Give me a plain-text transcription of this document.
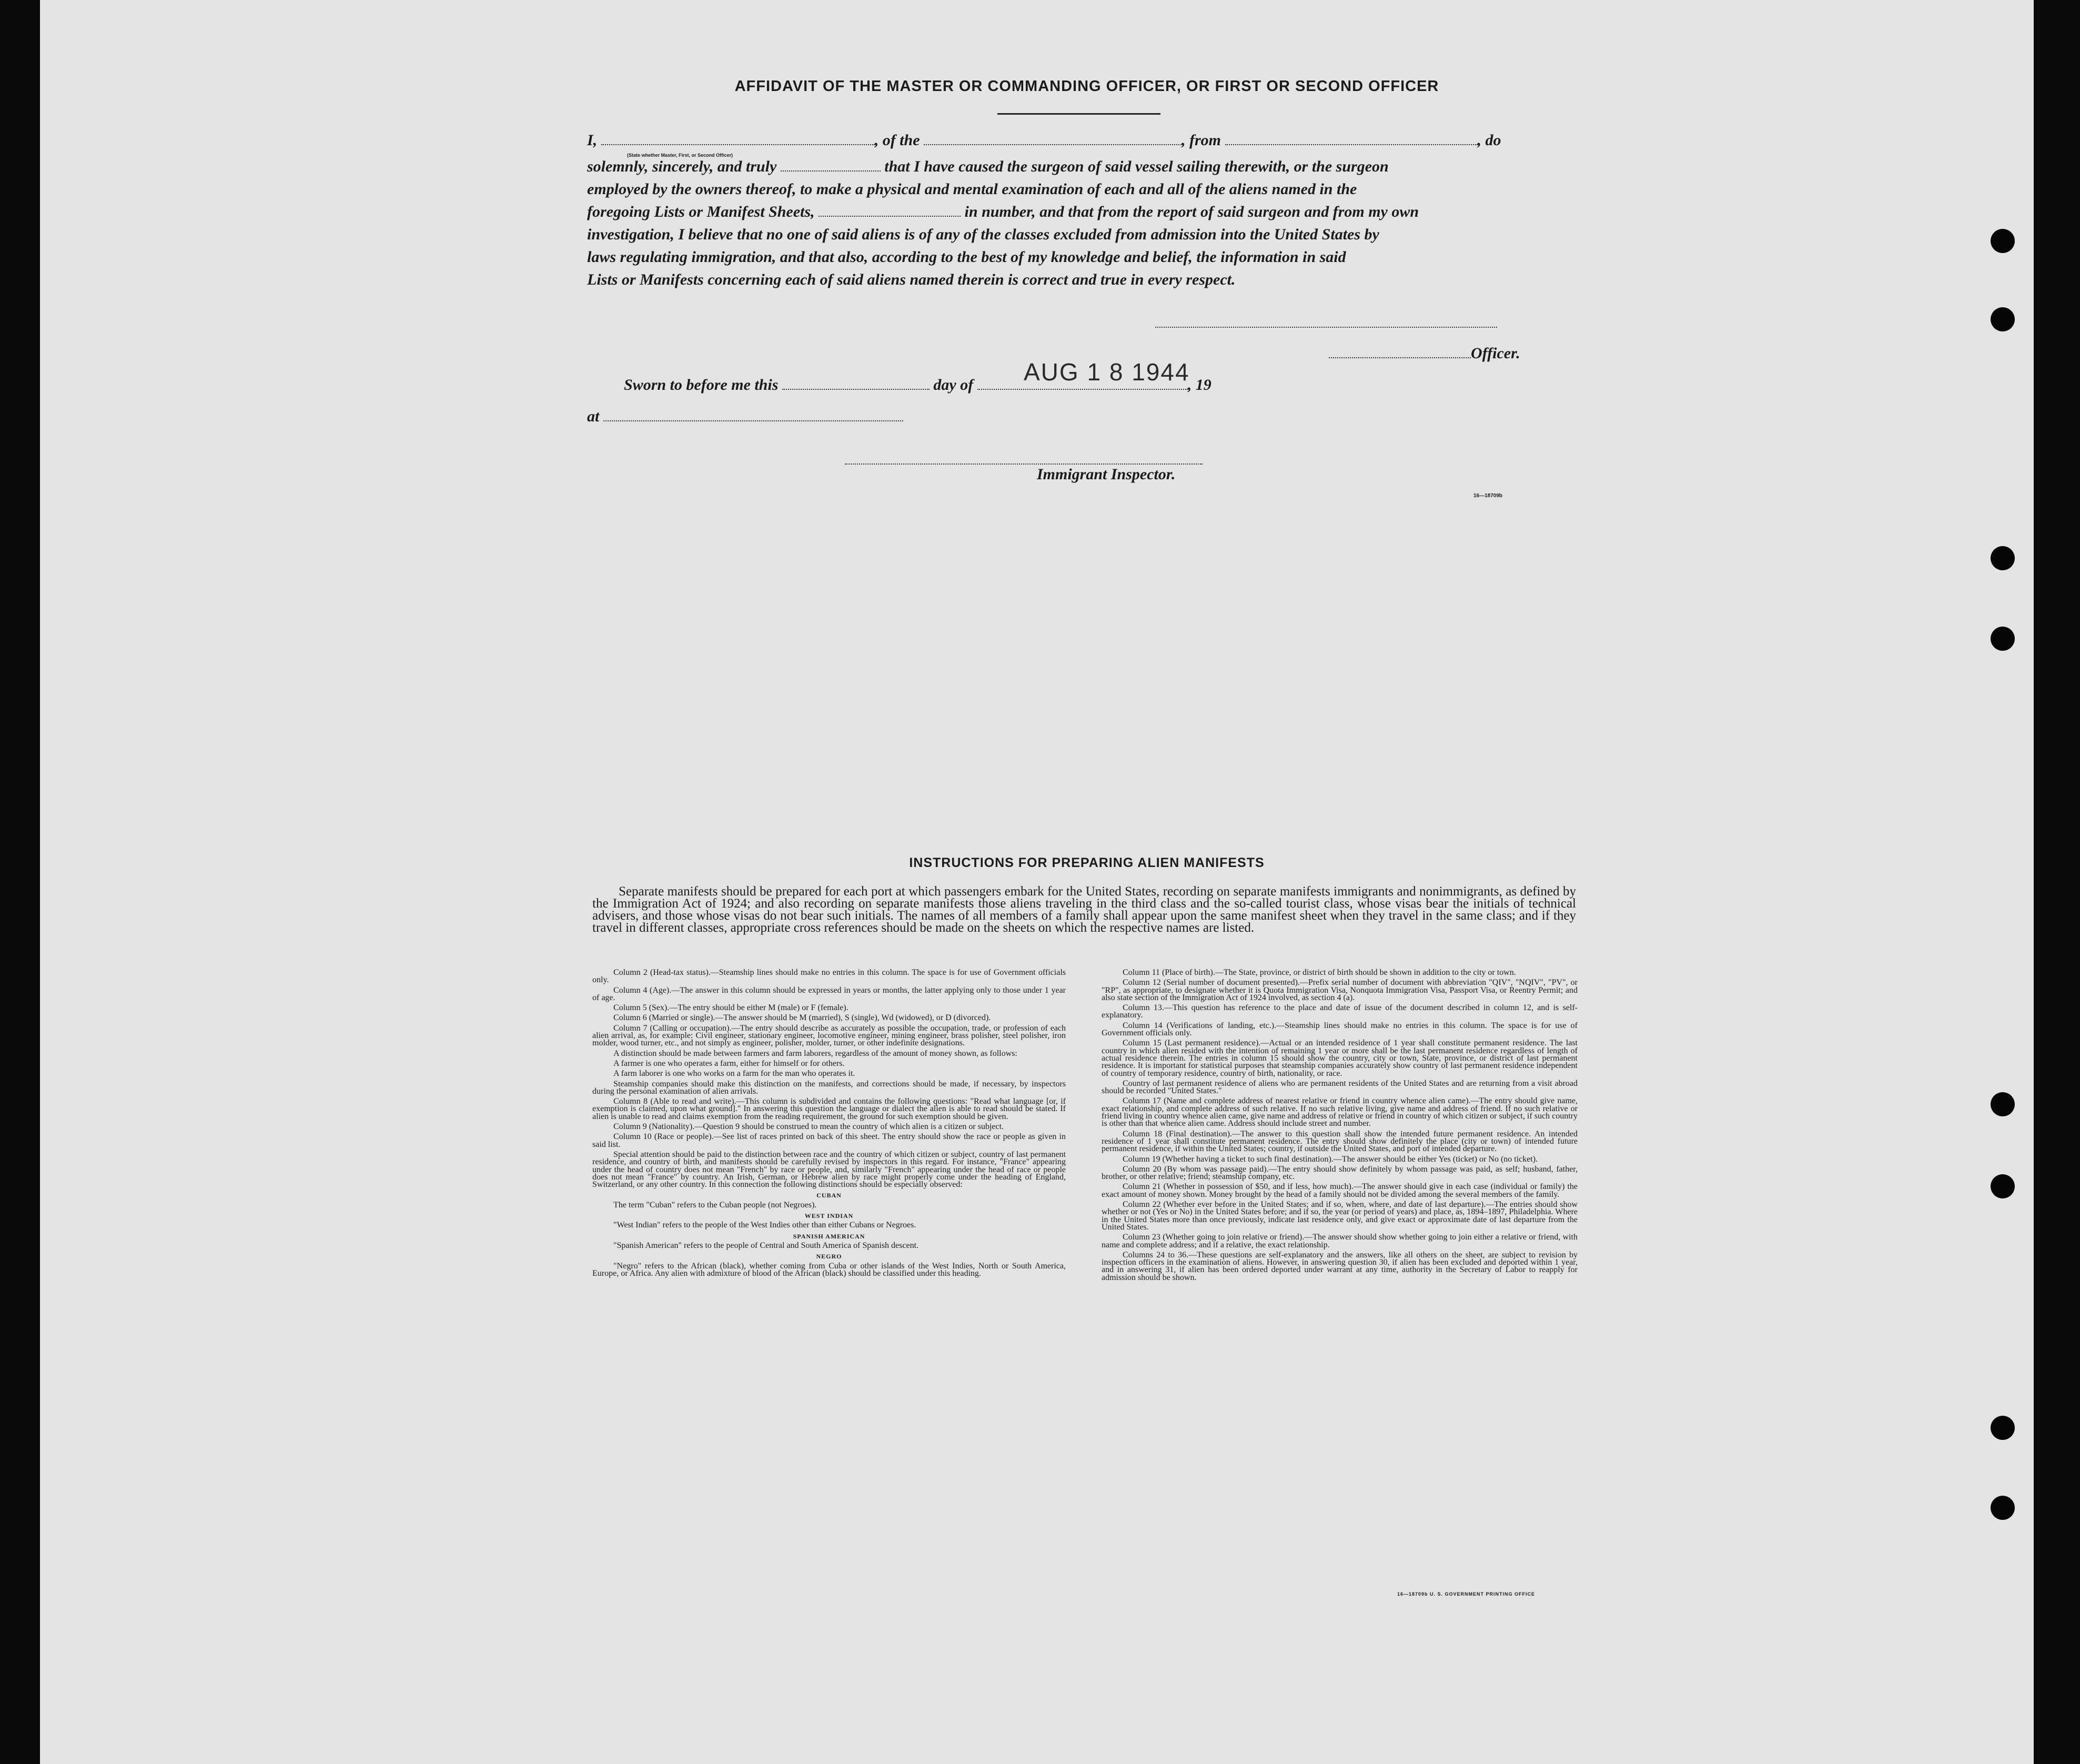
AFFIDAVIT OF THE MASTER OR COMMANDING OFFICER, OR FIRST OR SECOND OFFICER
I,	, of the	, from	, do
(State whether Master, First, or Second Officer)
solemnly, sincerely, and truly	that I have caused the surgeon of said vessel sailing therewith, or the surgeon
employed by the owners thereof, to make a physical and mental examination of each and all of the aliens named in the
foregoing Lists or Manifest Sheets,	in number, and that from the report of said surgeon and from my own
investigation, I believe that no one of said aliens is of any of the classes excluded from admission into the United States by
laws regulating immigration, and that also, according to the best of my knowledge and belief, the information in said
Lists or Manifests concerning each of said aliens named therein is correct and true in every respect.
Officer.
Sworn to before me this	day of	, 19
AUG 1 8 1944
at
Immigrant Inspector.
16—18709b
INSTRUCTIONS FOR PREPARING ALIEN MANIFESTS
Separate manifests should be prepared for each port at which passengers embark for the United States, recording on separate manifests immigrants and nonimmigrants, as defined by the Immigration Act of 1924; and also recording on separate manifests those aliens traveling in the third class and the so-called tourist class, whose visas bear the initials of technical advisers, and those whose visas do not bear such initials. The names of all members of a family shall appear upon the same manifest sheet when they travel in the same class; and if they travel in different classes, appropriate cross references should be made on the sheets on which the respective names are listed.

Column 2 (Head-tax status).—Steamship lines should make no entries in this column. The space is for use of Government officials only.

Column 4 (Age).—The answer in this column should be expressed in years or months, the latter applying only to those under 1 year of age.

Column 5 (Sex).—The entry should be either M (male) or F (female).

Column 6 (Married or single).—The answer should be M (married), S (single), Wd (widowed), or D (divorced).

Column 7 (Calling or occupation).—The entry should describe as accurately as possible the occupation, trade, or profession of each alien arrival, as, for example: Civil engineer, stationary engineer, locomotive engineer, mining engineer, brass polisher, steel polisher, iron molder, wood turner, etc., and not simply as engineer, polisher, molder, turner, or other indefinite designations.

A distinction should be made between farmers and farm laborers, regardless of the amount of money shown, as follows:

A farmer is one who operates a farm, either for himself or for others.

A farm laborer is one who works on a farm for the man who operates it.

Steamship companies should make this distinction on the manifests, and corrections should be made, if necessary, by inspectors during the personal examination of alien arrivals.

Column 8 (Able to read and write).—This column is subdivided and contains the following questions: "Read what language [or, if exemption is claimed, upon what ground]." In answering this question the language or dialect the alien is able to read should be stated. If alien is unable to read and claims exemption from the reading requirement, the ground for such exemption should be given.

Column 9 (Nationality).—Question 9 should be construed to mean the country of which alien is a citizen or subject.

Column 10 (Race or people).—See list of races printed on back of this sheet. The entry should show the race or people as given in said list.

Special attention should be paid to the distinction between race and the country of which citizen or subject, country of last permanent residence, and country of birth, and manifests should be carefully revised by inspectors in this regard. For instance, "France" appearing under the head of country does not mean "French" by race or people, and, similarly "French" appearing under the head of race or people does not mean "France" by country. An Irish, German, or Hebrew alien by race might properly come under the heading of England, Switzerland, or any other country. In this connection the following distinctions should be especially observed:

CUBAN

The term "Cuban" refers to the Cuban people (not Negroes).

WEST INDIAN

"West Indian" refers to the people of the West Indies other than either Cubans or Negroes.

SPANISH AMERICAN

"Spanish American" refers to the people of Central and South America of Spanish descent.

NEGRO

"Negro" refers to the African (black), whether coming from Cuba or other islands of the West Indies, North or South America, Europe, or Africa. Any alien with admixture of blood of the African (black) should be classified under this heading.

Column 11 (Place of birth).—The State, province, or district of birth should be shown in addition to the city or town.

Column 12 (Serial number of document presented).—Prefix serial number of document with abbreviation "QIV", "NQIV", "PV", or "RP", as appropriate, to designate whether it is Quota Immigration Visa, Nonquota Immigration Visa, Passport Visa, or Reentry Permit; and also state section of the Immigration Act of 1924 involved, as section 4 (a).

Column 13.—This question has reference to the place and date of issue of the document described in column 12, and is self-explanatory.

Column 14 (Verifications of landing, etc.).—Steamship lines should make no entries in this column. The space is for use of Government officials only.

Column 15 (Last permanent residence).—Actual or an intended residence of 1 year shall constitute permanent residence. The last country in which alien resided with the intention of remaining 1 year or more shall be the last permanent residence regardless of length of actual residence therein. The entries in column 15 should show the country, city or town, State, province, or district of last permanent residence. It is important for statistical purposes that steamship companies accurately show country of last permanent residence independent of country of temporary residence, country of birth, nationality, or race.

Country of last permanent residence of aliens who are permanent residents of the United States and are returning from a visit abroad should be recorded "United States."

Column 17 (Name and complete address of nearest relative or friend in country whence alien came).—The entry should give name, exact relationship, and complete address of such relative. If no such relative living, give name and address of friend. If no such relative or friend living in country whence alien came, give name and address of relative or friend in country of which citizen or subject, if such country is other than that whence alien came. Address should include street and number.

Column 18 (Final destination).—The answer to this question shall show the intended future permanent residence. An intended residence of 1 year shall constitute permanent residence. The entry should show definitely the place (city or town) of intended future permanent residence, if within the United States; country, if outside the United States, and port of intended departure.

Column 19 (Whether having a ticket to such final destination).—The answer should be either Yes (ticket) or No (no ticket).

Column 20 (By whom was passage paid).—The entry should show definitely by whom passage was paid, as self; husband, father, brother, or other relative; friend; steamship company, etc.

Column 21 (Whether in possession of $50, and if less, how much).—The answer should give in each case (individual or family) the exact amount of money shown. Money brought by the head of a family should not be divided among the several members of the family.

Column 22 (Whether ever before in the United States; and if so, when, where, and date of last departure).—The entries should show whether or not (Yes or No) in the United States before; and if so, the year (or period of years) and place, as, 1894–1897, Philadelphia. Where in the United States more than once previously, indicate last residence only, and give exact or approximate date of last departure from the United States.

Column 23 (Whether going to join relative or friend).—The answer should show whether going to join either a relative or friend, with name and complete address; and if a relative, the exact relationship.

Columns 24 to 36.—These questions are self-explanatory and the answers, like all others on the sheet, are subject to revision by inspection officers in the examination of aliens. However, in answering question 30, if alien has been excluded and deported within 1 year, and in answering 31, if alien has been ordered deported under warrant at any time, authority in the Secretary of Labor to reapply for admission should be shown.

16—18709b U. S. GOVERNMENT PRINTING OFFICE
